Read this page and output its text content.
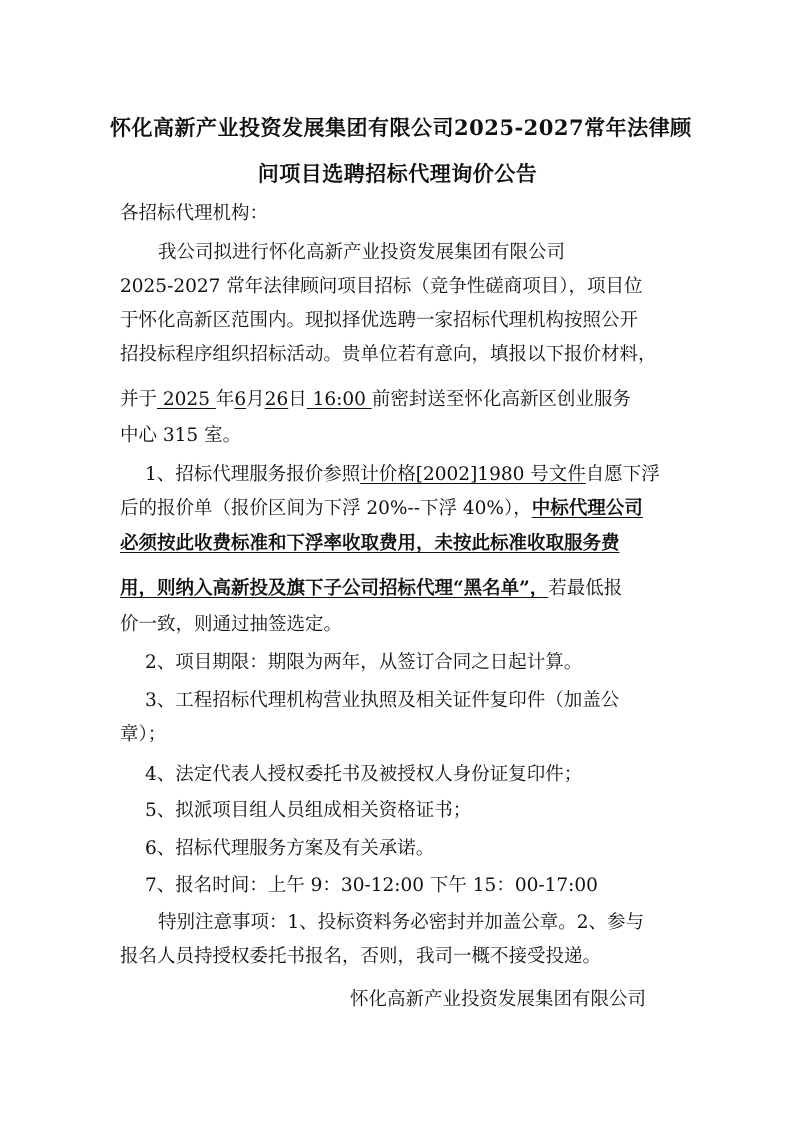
怀化高新产业投资发展集团有限公司2025-2027常年法律顾
问项目选聘招标代理询价公告
各招标代理机构：
我公司拟进行怀化高新产业投资发展集团有限公司
2025-2027 常年法律顾问项目招标（竞争性磋商项目），项目位
于怀化高新区范围内。现拟择优选聘一家招标代理机构按照公开
招投标程序组织招标活动。贵单位若有意向，填报以下报价材料，
并于 2025 年6月26日 16:00 前密封送至怀化高新区创业服务
中心 315 室。
1、招标代理服务报价参照计价格[2002]1980 号文件自愿下浮
后的报价单（报价区间为下浮 20%--下浮 40%），中标代理公司
必须按此收费标准和下浮率收取费用，未按此标准收取服务费
用，则纳入高新投及旗下子公司招标代理“黑名单”，若最低报
价一致，则通过抽签选定。
2、项目期限：期限为两年，从签订合同之日起计算。
3、工程招标代理机构营业执照及相关证件复印件（加盖公
章）；
4、法定代表人授权委托书及被授权人身份证复印件；
5、拟派项目组人员组成相关资格证书；
6、招标代理服务方案及有关承诺。
7、报名时间：上午 9：30-12:00 下午 15：00-17:00
特别注意事项：1、投标资料务必密封并加盖公章。2、参与
报名人员持授权委托书报名，否则，我司一概不接受投递。
怀化高新产业投资发展集团有限公司
